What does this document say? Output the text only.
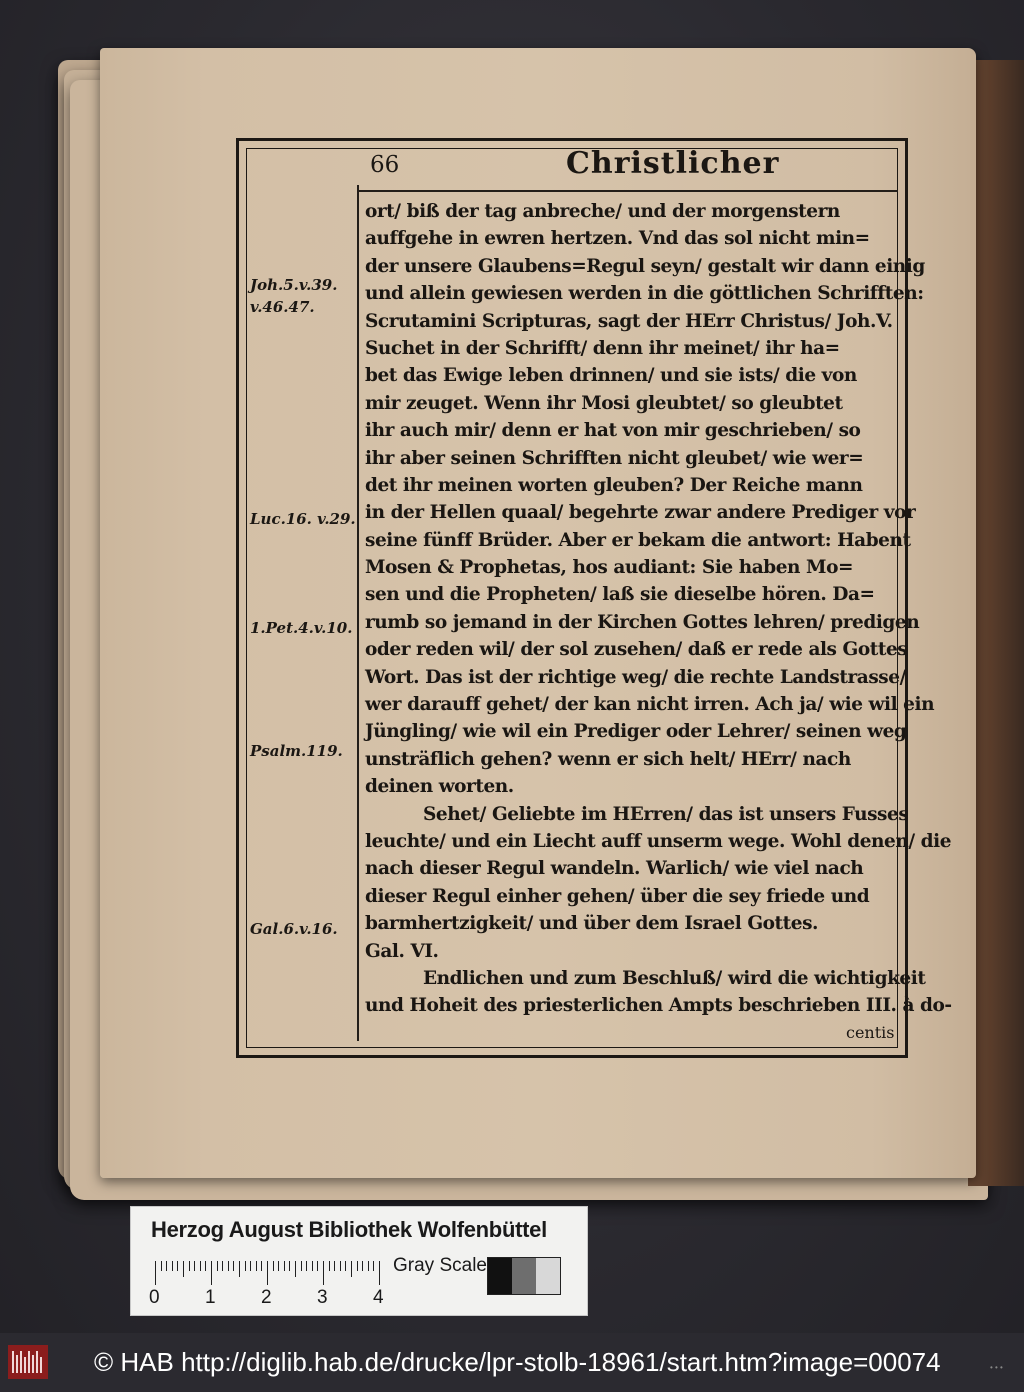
66	Christlicher
Joh.5.v.39.
v.46.47.
Luc.16. v.29.
1.Pet.4.v.10.
Psalm.119.
Gal.6.v.16.
ort/ biß der tag anbreche/ und der morgenstern
auffgehe in ewren hertzen. Vnd das sol nicht min=
der unsere Glaubens=Regul seyn/ gestalt wir dann einig
und allein gewiesen werden in die göttlichen Schrifften:
Scrutamini Scripturas, sagt der HErr Christus/ Joh.V.
Suchet in der Schrifft/ denn ihr meinet/ ihr ha=
bet das Ewige leben drinnen/ und sie ists/ die von
mir zeuget. Wenn ihr Mosi gleubtet/ so gleubtet
ihr auch mir/ denn er hat von mir geschrieben/ so
ihr aber seinen Schrifften nicht gleubet/ wie wer=
det ihr meinen worten gleuben? Der Reiche mann
in der Hellen quaal/ begehrte zwar andere Prediger vor
seine fünff Brüder. Aber er bekam die antwort: Habent
Mosen & Prophetas, hos audiant: Sie haben Mo=
sen und die Propheten/ laß sie dieselbe hören. Da=
rumb so jemand in der Kirchen Gottes lehren/ predigen
oder reden wil/ der sol zusehen/ daß er rede als Gottes
Wort. Das ist der richtige weg/ die rechte Landstrasse/
wer darauff gehet/ der kan nicht irren. Ach ja/ wie wil ein
Jüngling/ wie wil ein Prediger oder Lehrer/ seinen weg
unsträflich gehen? wenn er sich helt/ HErr/ nach
deinen worten.
Sehet/ Geliebte im HErren/ das ist unsers Fusses
leuchte/ und ein Liecht auff unserm wege. Wohl denen/ die
nach dieser Regul wandeln. Warlich/ wie viel nach
dieser Regul einher gehen/ über die sey friede und
barmhertzigkeit/ und über dem Israel Gottes.
Gal. VI.
Endlichen und zum Beschluß/ wird die wichtigkeit
und Hoheit des priesterlichen Ampts beschrieben III. à do-
centis
Herzog August Bibliothek Wolfenbüttel
0 1 2 3 4
Gray Scale
© HAB http://diglib.hab.de/drucke/lpr-stolb-18961/start.htm?image=00074	• • •
